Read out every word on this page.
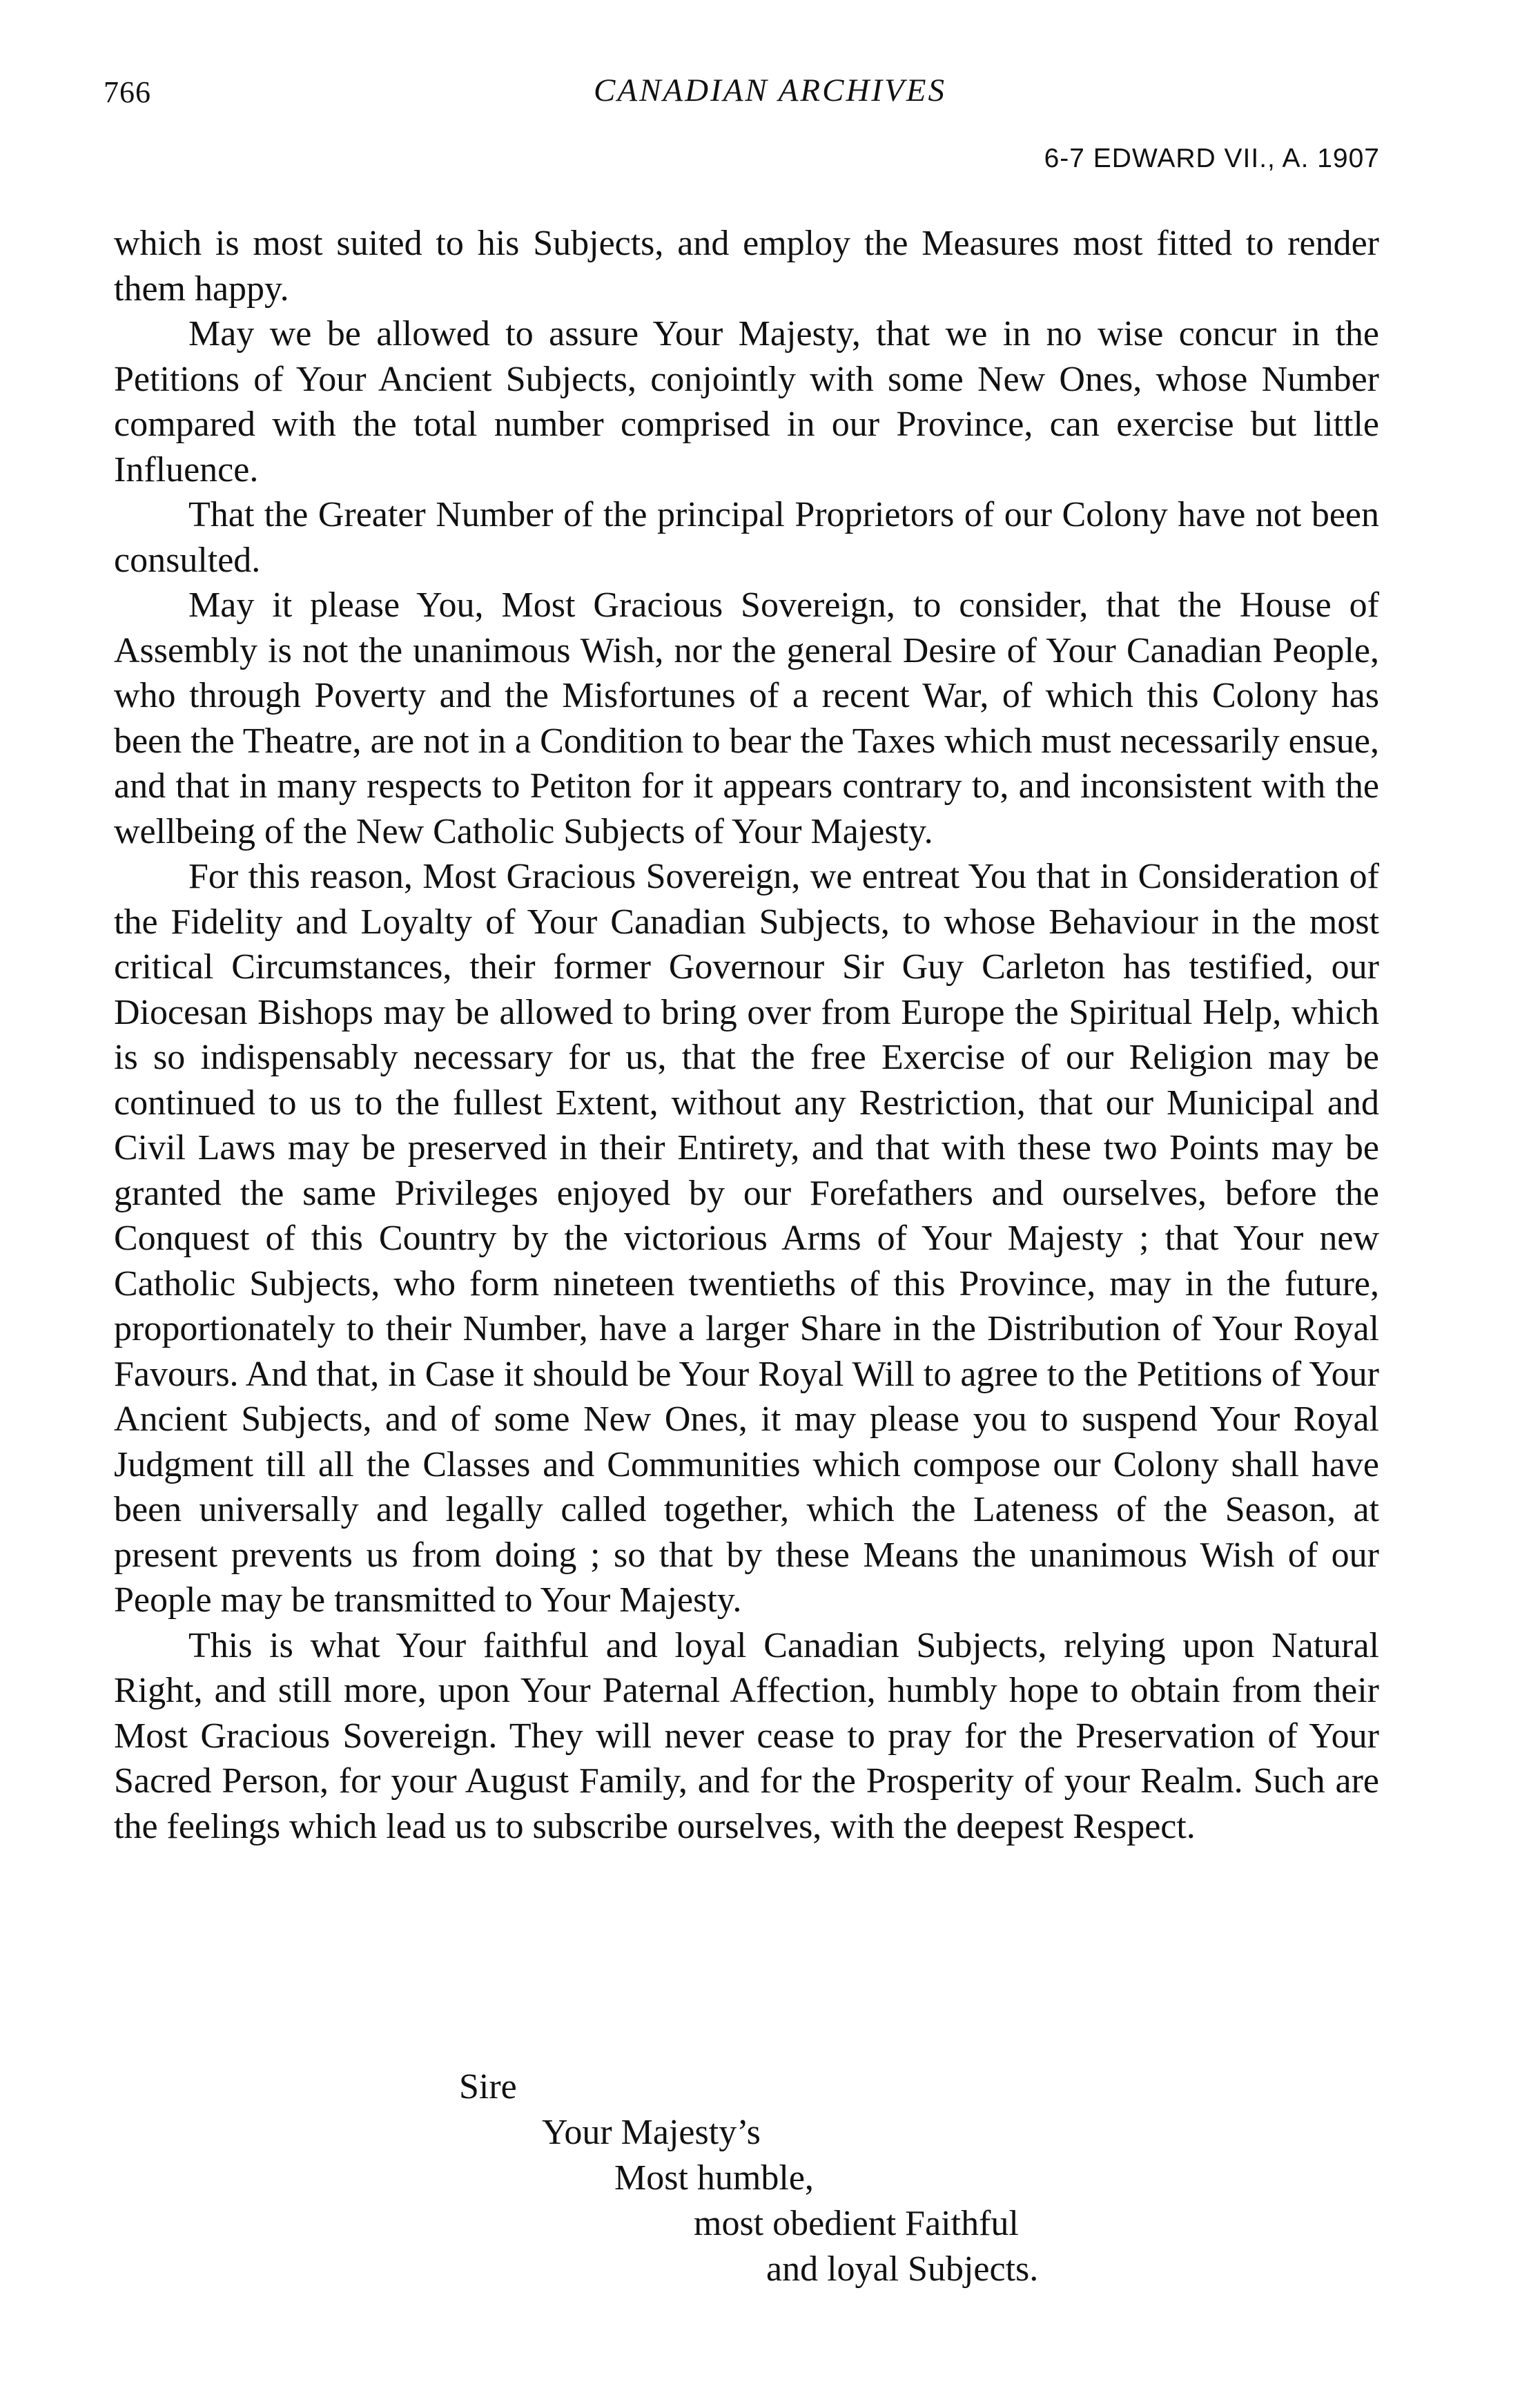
766	CANADIAN ARCHIVES
6-7 EDWARD VII., A. 1907

which is most suited to his Subjects, and employ the Measures most fitted to render them happy.

May we be allowed to assure Your Majesty, that we in no wise concur in the Petitions of Your Ancient Subjects, conjointly with some New Ones, whose Number compared with the total number comprised in our Province, can exercise but little Influence.

That the Greater Number of the principal Proprietors of our Colony have not been consulted.

May it please You, Most Gracious Sovereign, to consider, that the House of Assembly is not the unanimous Wish, nor the general Desire of Your Canadian People, who through Poverty and the Misfortunes of a recent War, of which this Colony has been the Theatre, are not in a Condition to bear the Taxes which must necessarily ensue, and that in many respects to Petiton for it appears contrary to, and inconsistent with the wellbeing of the New Catholic Subjects of Your Majesty.

For this reason, Most Gracious Sovereign, we entreat You that in Consideration of the Fidelity and Loyalty of Your Canadian Subjects, to whose Behaviour in the most critical Circumstances, their former Governour Sir Guy Carleton has testified, our Diocesan Bishops may be allowed to bring over from Europe the Spiritual Help, which is so indispensably necessary for us, that the free Exercise of our Religion may be continued to us to the fullest Extent, without any Restriction, that our Municipal and Civil Laws may be preserved in their Entirety, and that with these two Points may be granted the same Privileges enjoyed by our Forefathers and ourselves, before the Conquest of this Country by the victorious Arms of Your Majesty ; that Your new Catholic Subjects, who form nineteen twentieths of this Province, may in the future, proportionately to their Number, have a larger Share in the Distribution of Your Royal Favours. And that, in Case it should be Your Royal Will to agree to the Petitions of Your Ancient Subjects, and of some New Ones, it may please you to suspend Your Royal Judgment till all the Classes and Communities which compose our Colony shall have been universally and legally called together, which the Lateness of the Season, at present prevents us from doing ; so that by these Means the unanimous Wish of our People may be transmitted to Your Majesty.

This is what Your faithful and loyal Canadian Subjects, relying upon Natural Right, and still more, upon Your Paternal Affection, humbly hope to obtain from their Most Gracious Sovereign. They will never cease to pray for the Preservation of Your Sacred Person, for your August Family, and for the Prosperity of your Realm. Such are the feelings which lead us to subscribe ourselves, with the deepest Respect.

Sire
Your Majesty’s
Most humble,
most obedient Faithful
and loyal Subjects.
